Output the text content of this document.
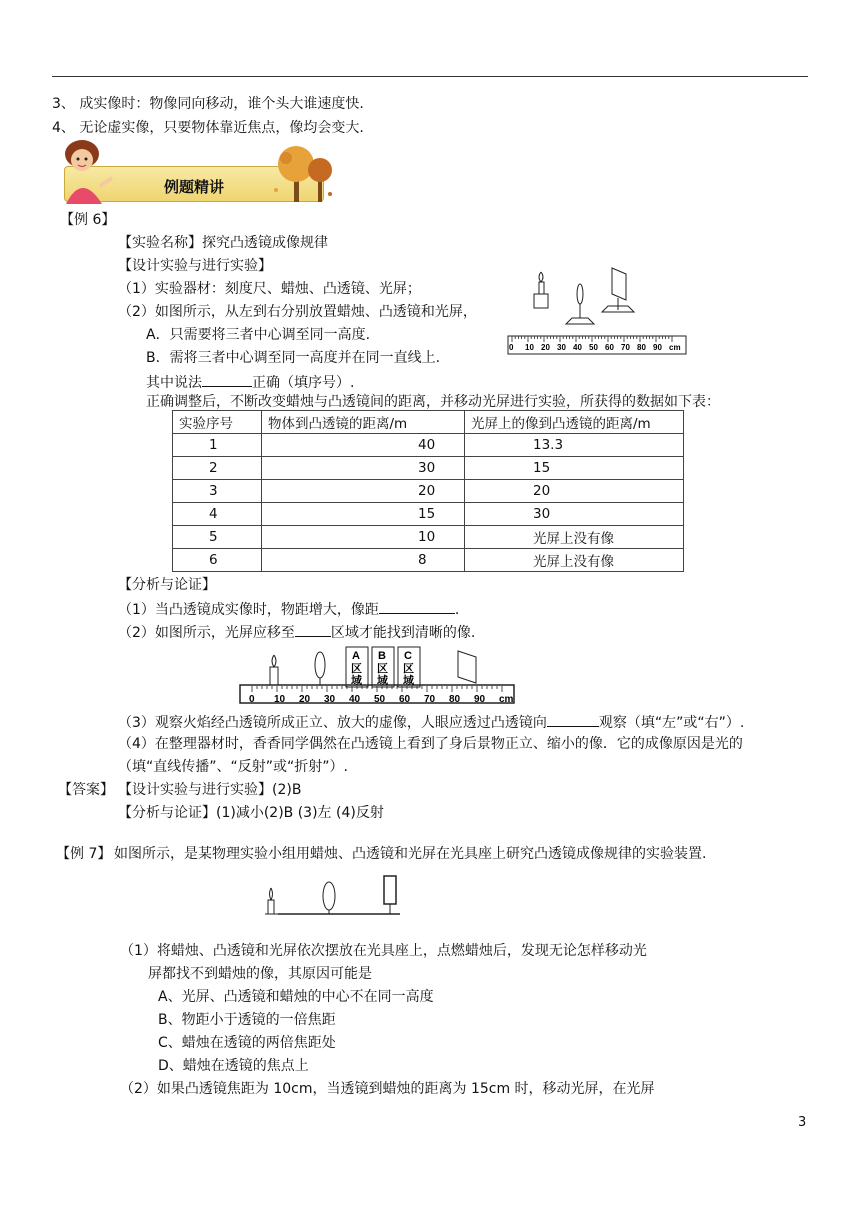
3、 成实像时：物像同向移动，谁个头大谁速度快.
4、 无论虚实像，只要物体靠近焦点，像均会变大.
例题精讲
【例 6】
【实验名称】探究凸透镜成像规律
【设计实验与进行实验】
（1）实验器材：刻度尺、蜡烛、凸透镜、光屏；
（2）如图所示，从左到右分别放置蜡烛、凸透镜和光屏，
A．只需要将三者中心调至同一高度.
B．需将三者中心调至同一高度并在同一直线上.
其中说法	正确（填序号）.
正确调整后，不断改变蜡烛与凸透镜间的距离，并移动光屏进行实验，所获得的数据如下表：
0 10 20 30 40 50 60 70 80 90 cm
实验序号	物体到凸透镜的距离/m	光屏上的像到凸透镜的距离/m
1	40	13.3
2	30	15
3	20	20
4	15	30
5	10	光屏上没有像
6	8	光屏上没有像
【分析与论证】
（1）当凸透镜成实像时，物距增大，像距	.
（2）如图所示，光屏应移至	区域才能找到清晰的像.
A
区
域
B
区
域
C
区
域
0 10 20 30 40 50 60 70 80 90 cm
（3）观察火焰经凸透镜所成正立、放大的虚像，人眼应透过凸透镜向	观察（填“左”或“右”）.
（4）在整理器材时，香香同学偶然在凸透镜上看到了身后景物正立、缩小的像．它的成像原因是光的
（填“直线传播”、“反射”或“折射”）.
【答案】 【设计实验与进行实验】(2)B
【分析与论证】(1)减小(2)B (3)左 (4)反射
【例 7】 如图所示，是某物理实验小组用蜡烛、凸透镜和光屏在光具座上研究凸透镜成像规律的实验装置.
（1）将蜡烛、凸透镜和光屏依次摆放在光具座上，点燃蜡烛后，发现无论怎样移动光
屏都找不到蜡烛的像，其原因可能是
A、光屏、凸透镜和蜡烛的中心不在同一高度
B、物距小于透镜的一倍焦距
C、蜡烛在透镜的两倍焦距处
D、蜡烛在透镜的焦点上
（2）如果凸透镜焦距为 10cm，当透镜到蜡烛的距离为 15cm 时，移动光屏，在光屏
3
